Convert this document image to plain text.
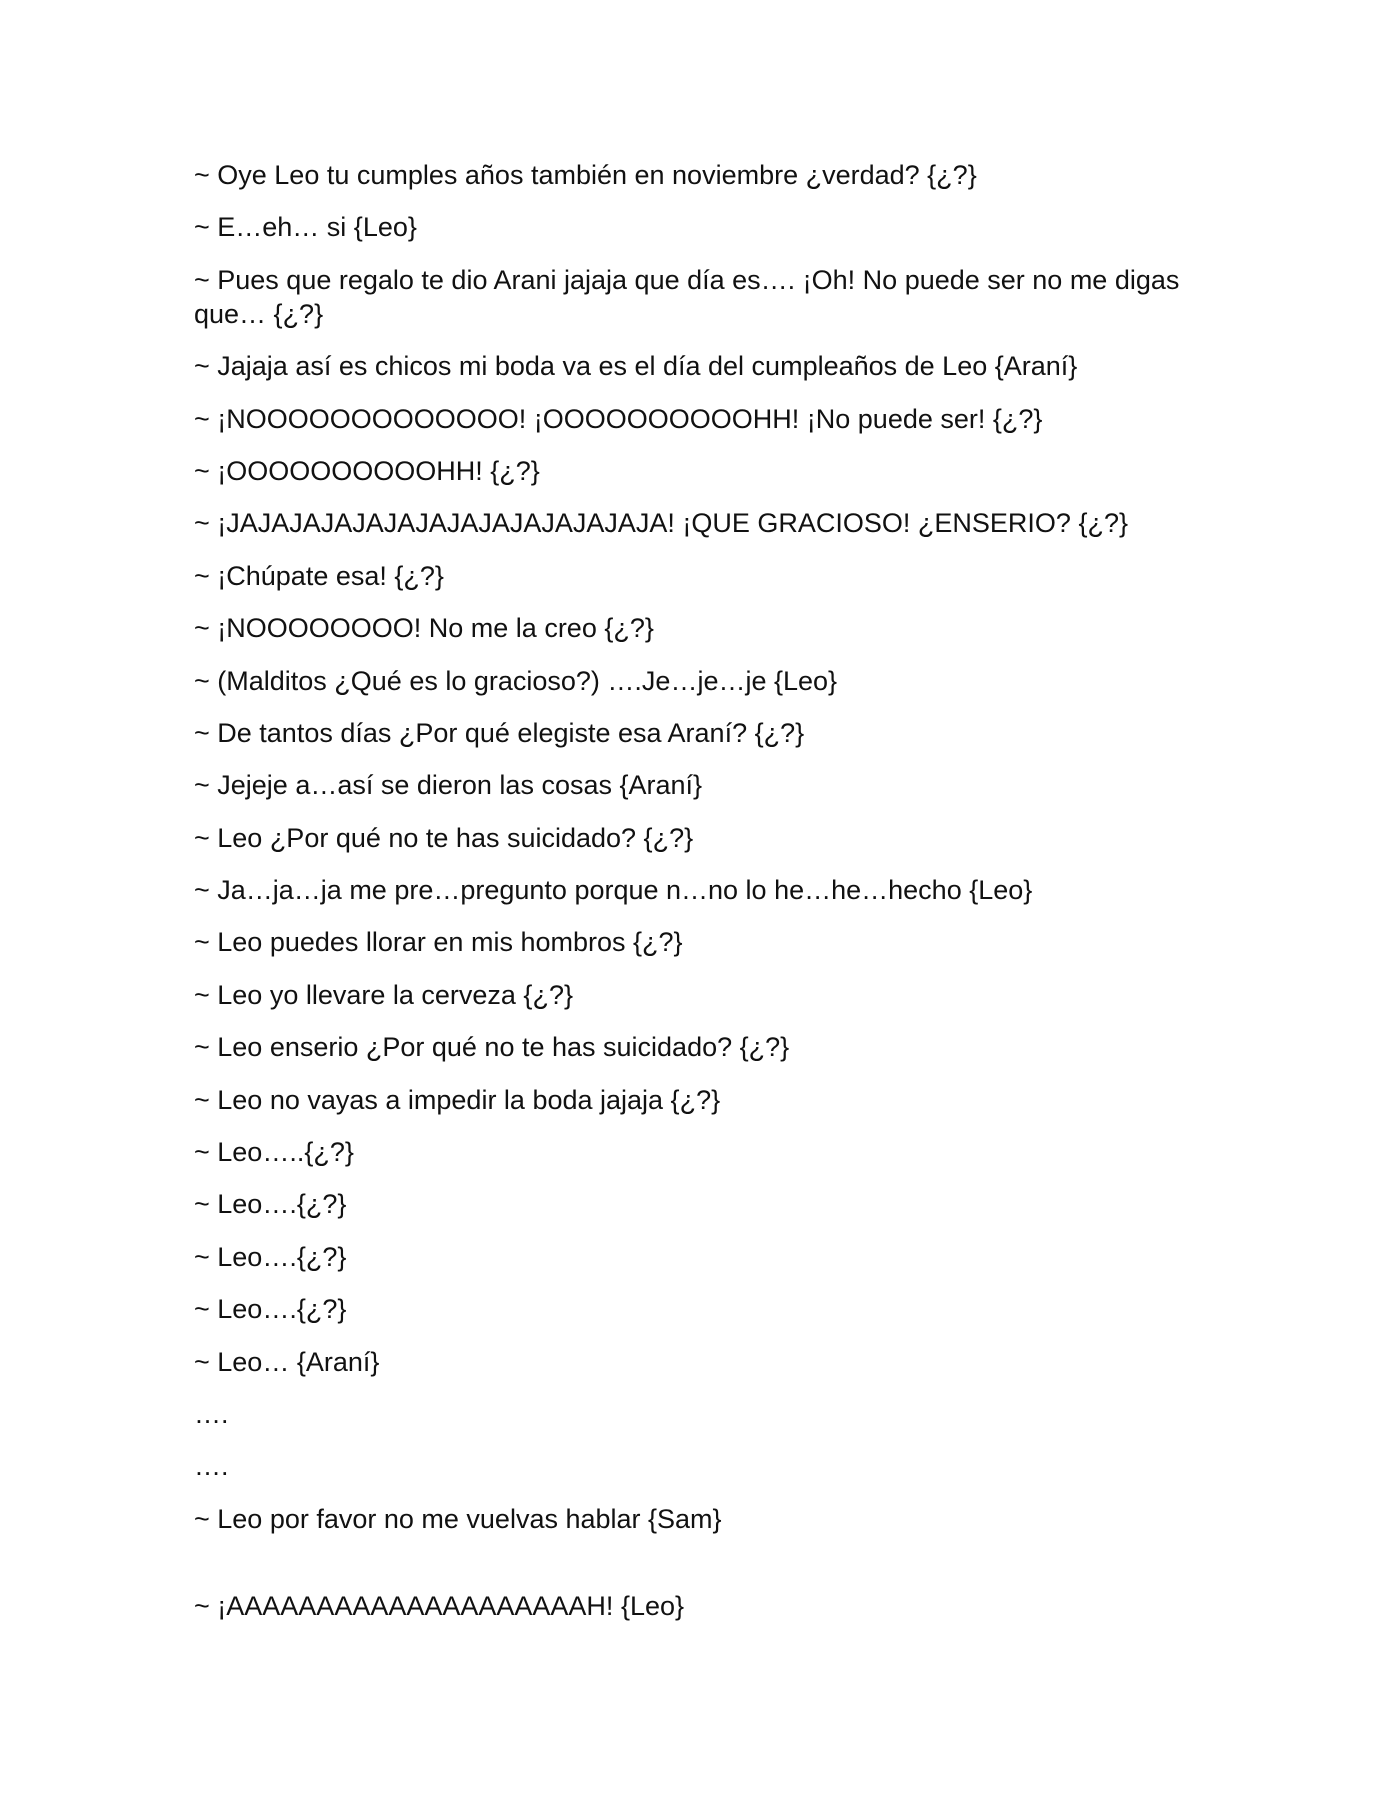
~ Oye Leo tu cumples años también en noviembre ¿verdad? {¿?}

~ E…eh… si {Leo}

~ Pues que regalo te dio Arani jajaja que día es…. ¡Oh! No puede ser no me digas que… {¿?}

~ Jajaja así es chicos mi boda va es el día del cumpleaños de Leo {Araní}

~ ¡NOOOOOOOOOOOOO! ¡OOOOOOOOOOHH! ¡No puede ser! {¿?}

~ ¡OOOOOOOOOOHH! {¿?}

~ ¡JAJAJAJAJAJAJAJAJAJAJAJAJAJA! ¡QUE GRACIOSO! ¿ENSERIO? {¿?}

~ ¡Chúpate esa! {¿?}

~ ¡NOOOOOOOO! No me la creo {¿?}

~ (Malditos ¿Qué es lo gracioso?) ….Je…je…je {Leo}

~ De tantos días ¿Por qué elegiste esa Araní? {¿?}

~ Jejeje a…así se dieron las cosas {Araní}

~ Leo ¿Por qué no te has suicidado? {¿?}

~ Ja…ja…ja me pre…pregunto porque n…no lo he…he…hecho {Leo}

~ Leo puedes llorar en mis hombros {¿?}

~ Leo yo llevare la cerveza {¿?}

~ Leo enserio ¿Por qué no te has suicidado? {¿?}

~ Leo no vayas a impedir la boda jajaja {¿?}

~ Leo…..{¿?}

~ Leo….{¿?}

~ Leo….{¿?}

~ Leo….{¿?}

~ Leo… {Araní}

….

….

~ Leo por favor no me vuelvas hablar {Sam}

~ ¡AAAAAAAAAAAAAAAAAAAAH! {Leo}
